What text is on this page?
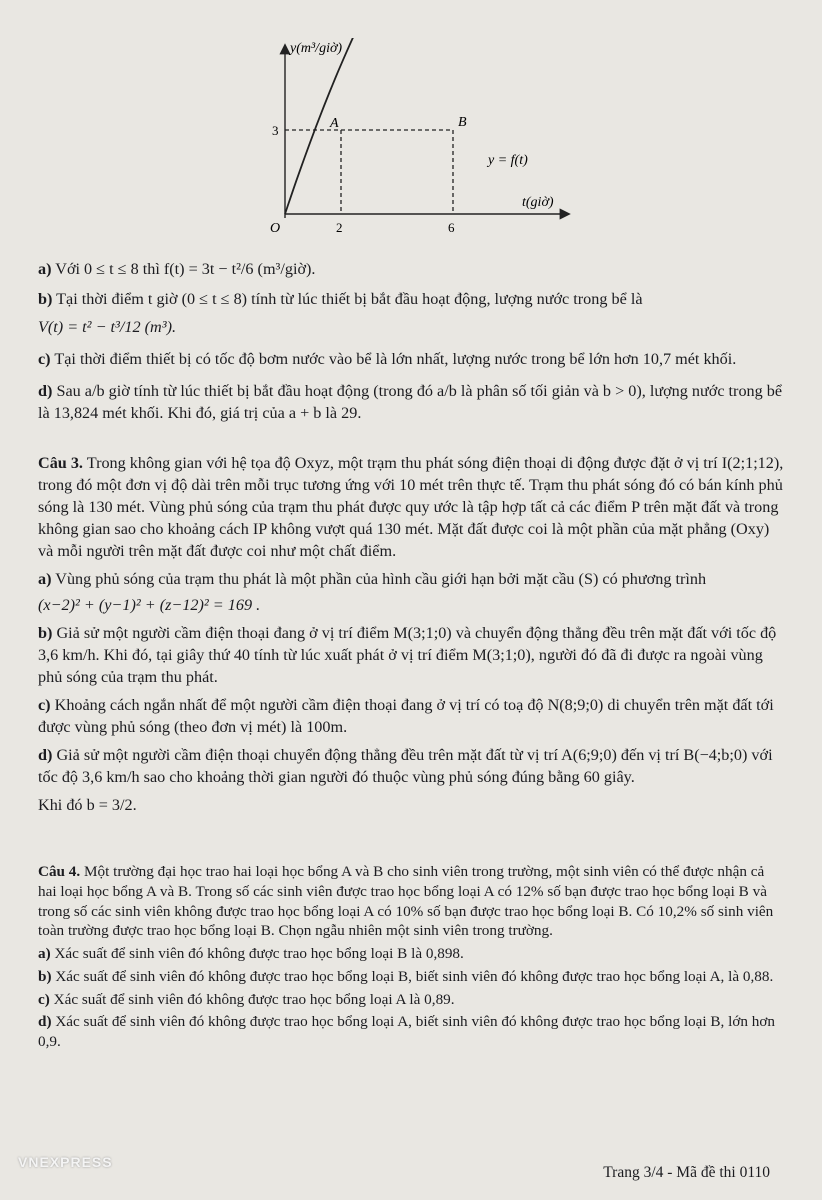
y(m³/giờ)
t(giờ)
O
3
2	6
A	B
y = f(t)

a) Với 0 ≤ t ≤ 8 thì f(t) = 3t − t²/6 (m³/giờ).

b) Tại thời điểm t giờ (0 ≤ t ≤ 8) tính từ lúc thiết bị bắt đầu hoạt động, lượng nước trong bể là

V(t) = t² − t³/12 (m³).

c) Tại thời điểm thiết bị có tốc độ bơm nước vào bể là lớn nhất, lượng nước trong bể lớn hơn 10,7 mét khối.

d) Sau a/b giờ tính từ lúc thiết bị bắt đầu hoạt động (trong đó a/b là phân số tối giản và b > 0), lượng nước trong bể là 13,824 mét khối. Khi đó, giá trị của a + b là 29.

Câu 3. Trong không gian với hệ tọa độ Oxyz, một trạm thu phát sóng điện thoại di động được đặt ở vị trí I(2;1;12), trong đó một đơn vị độ dài trên mỗi trục tương ứng với 10 mét trên thực tế. Trạm thu phát sóng đó có bán kính phủ sóng là 130 mét. Vùng phủ sóng của trạm thu phát được quy ước là tập hợp tất cả các điểm P trên mặt đất và trong không gian sao cho khoảng cách IP không vượt quá 130 mét. Mặt đất được coi là một phần của mặt phẳng (Oxy) và mỗi người trên mặt đất được coi như một chất điểm.

a) Vùng phủ sóng của trạm thu phát là một phần của hình cầu giới hạn bởi mặt cầu (S) có phương trình

(x−2)² + (y−1)² + (z−12)² = 169 .

b) Giả sử một người cầm điện thoại đang ở vị trí điểm M(3;1;0) và chuyển động thẳng đều trên mặt đất với tốc độ 3,6 km/h. Khi đó, tại giây thứ 40 tính từ lúc xuất phát ở vị trí điểm M(3;1;0), người đó đã đi được ra ngoài vùng phủ sóng của trạm thu phát.

c) Khoảng cách ngắn nhất để một người cầm điện thoại đang ở vị trí có toạ độ N(8;9;0) di chuyển trên mặt đất tới được vùng phủ sóng (theo đơn vị mét) là 100m.

d) Giả sử một người cầm điện thoại chuyển động thẳng đều trên mặt đất từ vị trí A(6;9;0) đến vị trí B(−4;b;0) với tốc độ 3,6 km/h sao cho khoảng thời gian người đó thuộc vùng phủ sóng đúng bằng 60 giây.

Khi đó b = 3/2.

Câu 4. Một trường đại học trao hai loại học bổng A và B cho sinh viên trong trường, một sinh viên có thể được nhận cả hai loại học bổng A và B. Trong số các sinh viên được trao học bổng loại A có 12% số bạn được trao học bổng loại B và trong số các sinh viên không được trao học bổng loại A có 10% số bạn được trao học bổng loại B. Có 10,2% số sinh viên toàn trường được trao học bổng loại B. Chọn ngẫu nhiên một sinh viên trong trường.

a) Xác suất để sinh viên đó không được trao học bổng loại B là 0,898.

b) Xác suất để sinh viên đó không được trao học bổng loại B, biết sinh viên đó không được trao học bổng loại A, là 0,88.

c) Xác suất để sinh viên đó không được trao học bổng loại A là 0,89.

d) Xác suất để sinh viên đó không được trao học bổng loại A, biết sinh viên đó không được trao học bổng loại B, lớn hơn 0,9.

VNEXPRESS
Trang 3/4 - Mã đề thi 0110
